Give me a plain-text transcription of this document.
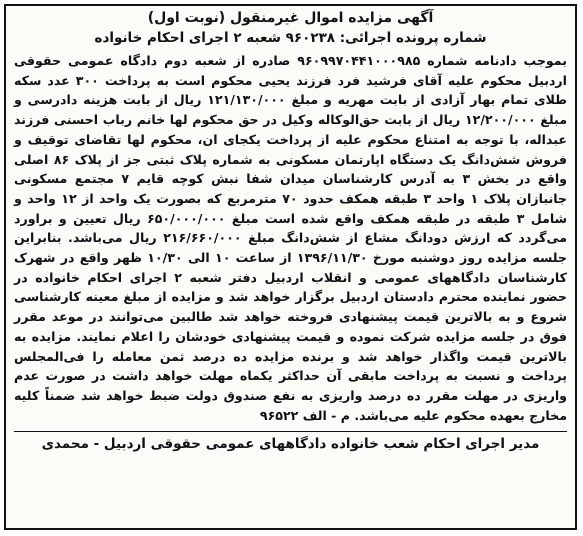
آگهی مزایده اموال غیرمنقول (نوبت اول)

شماره پرونده اجرائی: ۹۶۰۲۳۸ شعبه ۲ اجرای احکام خانواده

بموجب دادنامه شماره ۹۶۰۹۹۷۰۴۴۱۰۰۰۹۸۵ صادره از شعبه دوم دادگاه عمومی حقوقی اردبیل محکوم علیه آقای فرشید فرد فرزند یحیی محکوم است به پرداخت ۳۰۰ عدد سکه طلای تمام بهار آزادی از بابت مهریه و مبلغ ۱۲۱/۱۳۰/۰۰۰ ریال از بابت هزینه دادرسی و مبلغ ۱۲/۲۰۰/۰۰۰ ریال از بابت حق‌الوکاله وکیل در حق محکوم لها خانم رباب احسنی فرزند عبداله، با توجه به امتناع محکوم علیه از پرداخت یکجای ان، محکوم لها تقاضای توقیف و فروش شش‌دانگ یک دستگاه اپارتمان مسکونی به شماره پلاک ثبتی جز از پلاک ۸۶ اصلی واقع در بخش ۳ به آدرس کارشناسان میدان شفا نبش کوچه قایم ۷ مجتمع مسکونی جانبازان پلاک ۱ واحد ۳ طبقه همکف حدود ۷۰ مترمربع که بصورت یک واحد از ۱۲ واحد و شامل ۳ طبقه در طبقه همکف واقع شده است مبلغ ۶۵۰/۰۰۰/۰۰۰ ریال تعیین و براورد می‌گردد که ارزش دودانگ مشاع از شش‌دانگ مبلغ ۲۱۶/۶۶۰/۰۰۰ ریال می‌باشد. بنابراین جلسه مزایده روز دوشنبه مورخ ۱۳۹۶/۱۱/۳۰ از ساعت ۱۰ الی ۱۰/۳۰ ظهر واقع در شهرک کارشناسان دادگاههای عمومی و انقلاب اردبیل دفتر شعبه ۲ اجرای احکام خانواده در حضور نماینده محترم دادستان اردبیل برگزار خواهد شد و مزایده از مبلغ معینه کارشناسی شروع و به بالاترین قیمت پیشنهادی فروخته خواهد شد طالبین می‌توانند در موعد مقرر فوق در جلسه مزایده شرکت نموده و قیمت پیشنهادی خودشان را اعلام نمایند. مزایده به بالاترین قیمت واگذار خواهد شد و برنده مزایده ده درصد ثمن معامله را فی‌المجلس پرداخت و نسبت به پرداخت مابقی آن حداکثر یکماه مهلت خواهد داشت در صورت عدم واریزی در مهلت مقرر ده درصد واریزی به نفع صندوق دولت ضبط خواهد شد ضمناً کلیه مخارج بعهده محکوم علیه می‌باشد. م - الف ۹۶۵۲۲

مدیر اجرای احکام شعب خانواده دادگاههای عمومی حقوقی اردبیل - محمدی
